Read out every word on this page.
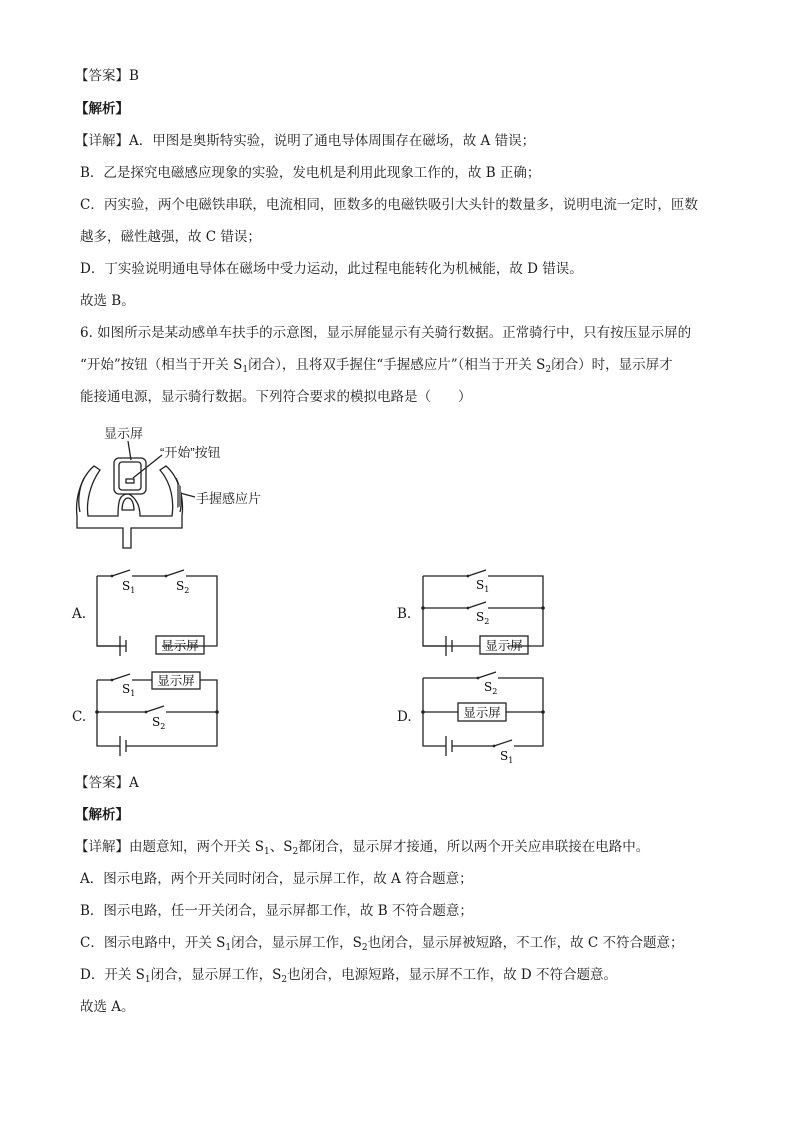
【答案】B
【解析】
【详解】A．甲图是奥斯特实验，说明了通电导体周围存在磁场，故 A 错误；
B．乙是探究电磁感应现象的实验，发电机是利用此现象工作的，故 B 正确；
C．丙实验，两个电磁铁串联，电流相同，匝数多的电磁铁吸引大头针的数量多，说明电流一定时，匝数
越多，磁性越强，故 C 错误；
D．丁实验说明通电导体在磁场中受力运动，此过程电能转化为机械能，故 D 错误。
故选 B。
6. 如图所示是某动感单车扶手的示意图，显示屏能显示有关骑行数据。正常骑行中，只有按压显示屏的
“开始”按钮（相当于开关 $S_1$闭合），且将双手握住“手握感应片”（相当于开关 $S_2$闭合）时，显示屏才
能接通电源，显示骑行数据。下列符合要求的模拟电路是（　　）
显示屏
“开始”按钮
手握感应片
A.	B.
C.	D.
显示屏
$S_1$	$S_2$
显示屏
$S_1$
$S_2$
显示屏
$S_1$
$S_2$
显示屏
$S_2$
$S_1$
【答案】A
【解析】
【详解】由题意知，两个开关 $S_1$、$S_2$都闭合，显示屏才接通，所以两个开关应串联接在电路中。
A．图示电路，两个开关同时闭合，显示屏工作，故 A 符合题意；
B．图示电路，任一开关闭合，显示屏都工作，故 B 不符合题意；
C．图示电路中，开关 $S_1$闭合，显示屏工作，$S_2$也闭合，显示屏被短路，不工作，故 C 不符合题意；
D．开关 $S_1$闭合，显示屏工作，$S_2$也闭合，电源短路，显示屏不工作，故 D 不符合题意。
故选 A。
